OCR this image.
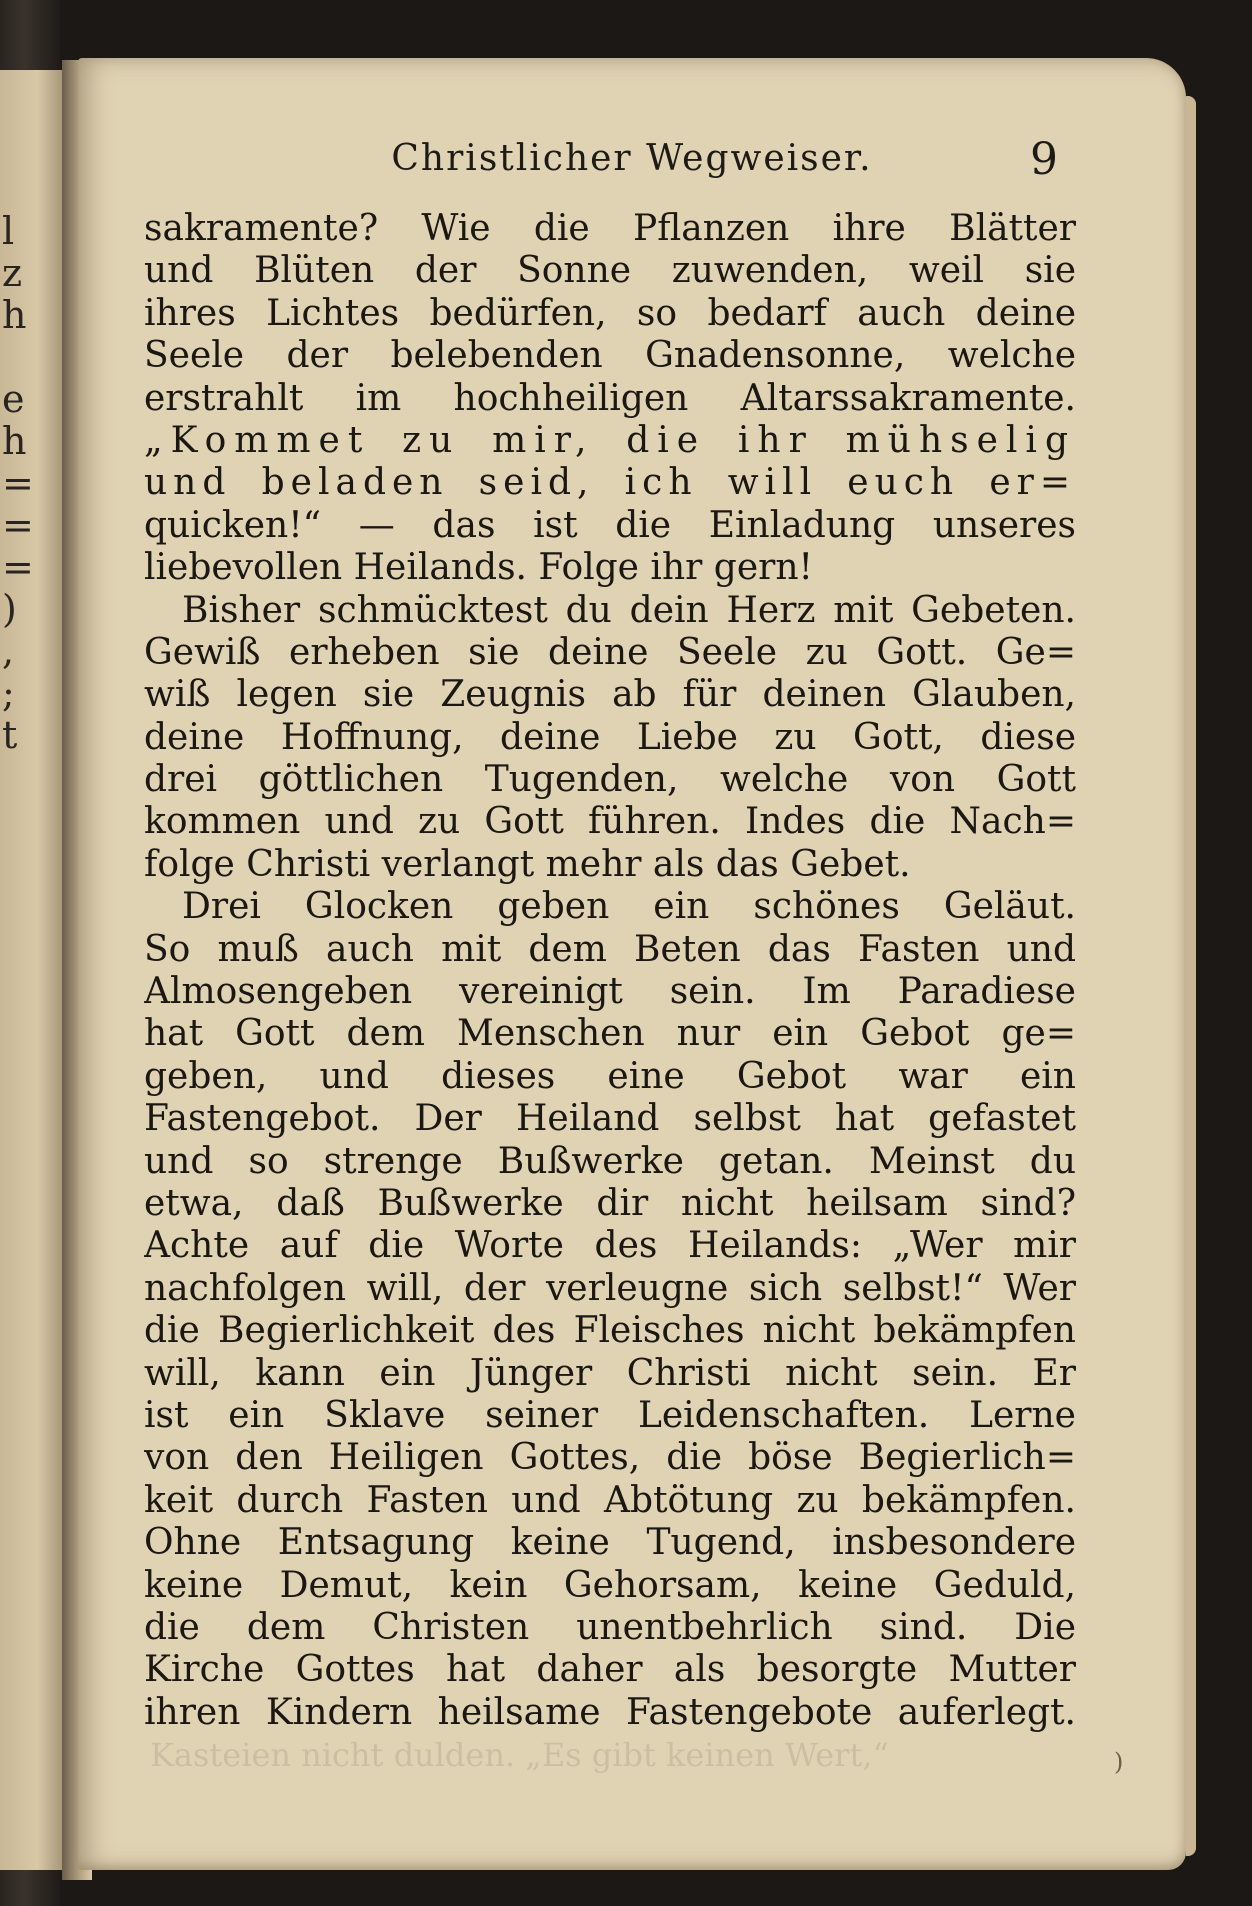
l
z
h

e
h
=
=
=
)
,
;
t
Christlicher Wegweiser.	9
sakramente? Wie die Pflanzen ihre Blätter
und Blüten der Sonne zuwenden, weil sie
ihres Lichtes bedürfen, so bedarf auch deine
Seele der belebenden Gnadensonne, welche
erstrahlt im hochheiligen Altarssakramente.
„Kommet zu mir, die ihr mühselig
und beladen seid, ich will euch er=
quicken!“ — das ist die Einladung unseres
liebevollen Heilands. Folge ihr gern!
Bisher schmücktest du dein Herz mit Gebeten.
Gewiß erheben sie deine Seele zu Gott. Ge=
wiß legen sie Zeugnis ab für deinen Glauben,
deine Hoffnung, deine Liebe zu Gott, diese
drei göttlichen Tugenden, welche von Gott
kommen und zu Gott führen. Indes die Nach=
folge Christi verlangt mehr als das Gebet.
Drei Glocken geben ein schönes Geläut.
So muß auch mit dem Beten das Fasten und
Almosengeben vereinigt sein. Im Paradiese
hat Gott dem Menschen nur ein Gebot ge=
geben, und dieses eine Gebot war ein
Fastengebot. Der Heiland selbst hat gefastet
und so strenge Bußwerke getan. Meinst du
etwa, daß Bußwerke dir nicht heilsam sind?
Achte auf die Worte des Heilands: „Wer mir
nachfolgen will, der verleugne sich selbst!“ Wer
die Begierlichkeit des Fleisches nicht bekämpfen
will, kann ein Jünger Christi nicht sein. Er
ist ein Sklave seiner Leidenschaften. Lerne
von den Heiligen Gottes, die böse Begierlich=
keit durch Fasten und Abtötung zu bekämpfen.
Ohne Entsagung keine Tugend, insbesondere
keine Demut, kein Gehorsam, keine Geduld,
die dem Christen unentbehrlich sind. Die
Kirche Gottes hat daher als besorgte Mutter
ihren Kindern heilsame Fastengebote auferlegt.
Kasteien nicht dulden. „Es gibt keinen Wert,“	)
